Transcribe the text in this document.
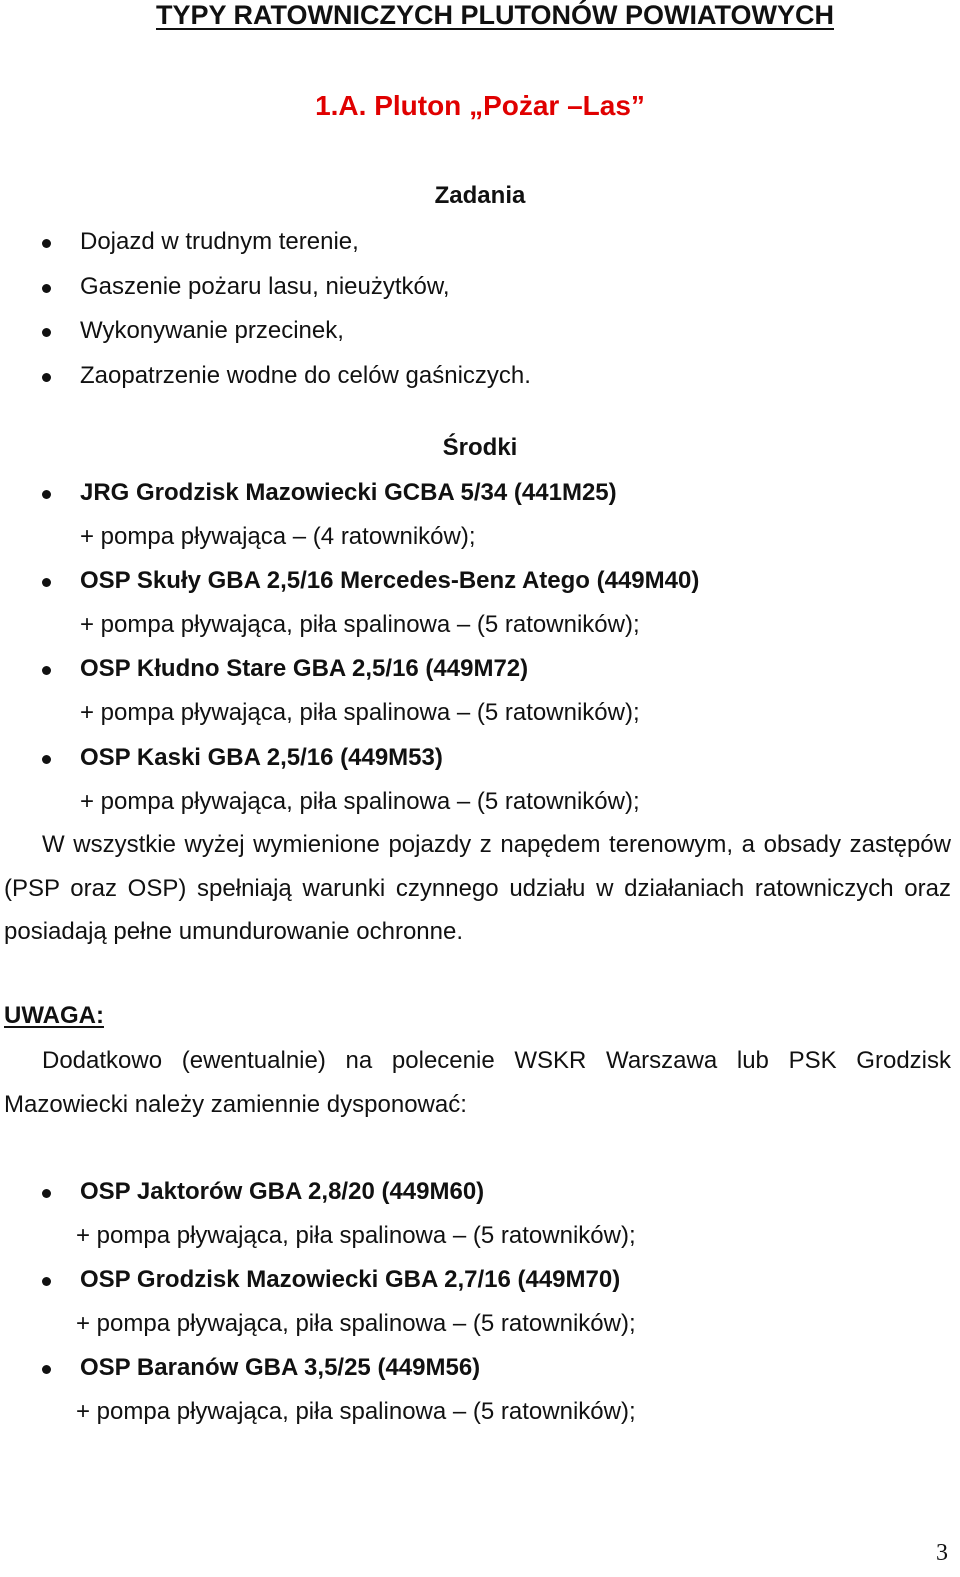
TYPY RATOWNICZYCH PLUTONÓW POWIATOWYCH
1.A. Pluton „Pożar –Las”
Zadania
Dojazd w trudnym terenie,
Gaszenie pożaru lasu, nieużytków,
Wykonywanie przecinek,
Zaopatrzenie wodne do celów gaśniczych.
Środki
JRG Grodzisk Mazowiecki GCBA 5/34 (441M25)
+ pompa pływająca – (4 ratowników);
OSP Skuły GBA 2,5/16 Mercedes-Benz Atego (449M40)
+ pompa pływająca, piła spalinowa – (5 ratowników);
OSP Kłudno Stare GBA 2,5/16 (449M72)
+ pompa pływająca, piła spalinowa – (5 ratowników);
OSP Kaski GBA 2,5/16 (449M53)
+ pompa pływająca, piła spalinowa – (5 ratowników);
W wszystkie wyżej wymienione pojazdy z napędem terenowym, a obsady zastępów (PSP oraz OSP) spełniają warunki czynnego udziału w działaniach ratowniczych oraz posiadają pełne umundurowanie ochronne.
UWAGA:
Dodatkowo (ewentualnie) na polecenie WSKR Warszawa lub PSK Grodzisk Mazowiecki należy zamiennie dysponować:
OSP Jaktorów GBA 2,8/20 (449M60)
+ pompa pływająca, piła spalinowa – (5 ratowników);
OSP Grodzisk Mazowiecki GBA 2,7/16 (449M70)
+ pompa pływająca, piła spalinowa – (5 ratowników);
OSP Baranów GBA 3,5/25 (449M56)
+ pompa pływająca, piła spalinowa – (5 ratowników);
3
